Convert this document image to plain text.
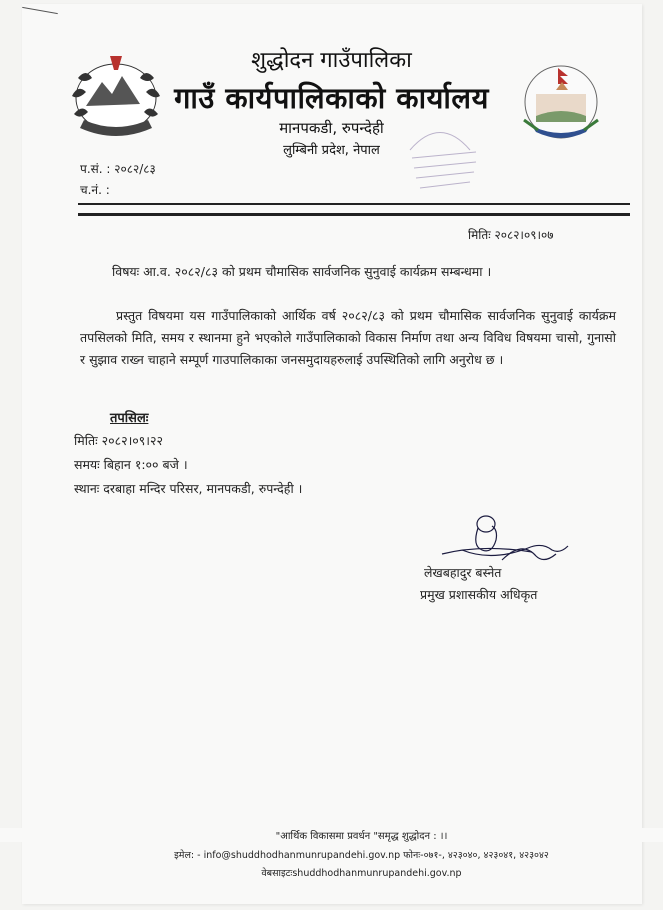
शुद्धोदन गाउँपालिका
गाउँ कार्यपालिकाको कार्यालय
मानपकडी, रुपन्देही
लुम्बिनी प्रदेश, नेपाल
प.सं. : २०८२/८३
च.नं. :
मितिः २०८२।०९।०७
विषयः आ.व. २०८२/८३ को प्रथम चौमासिक सार्वजनिक सुनुवाई कार्यक्रम सम्बन्धमा ।
प्रस्तुत विषयमा यस गाउँपालिकाको आर्थिक वर्ष २०८२/८३ को प्रथम चौमासिक सार्वजनिक सुनुवाई कार्यक्रम तपसिलको मिति, समय र स्थानमा हुने भएकोले गाउँपालिकाको विकास निर्माण तथा अन्य विविध विषयमा चासो, गुनासो र सुझाव राख्न चाहाने सम्पूर्ण गाउपालिकाका जनसमुदायहरुलाई उपस्थितिको लागि अनुरोध छ ।
तपसिलः
मितिः २०८२।०९।२२
समयः बिहान १:०० बजे ।
स्थानः दरबाहा मन्दिर परिसर, मानपकडी, रुपन्देही ।
लेखबहादुर बस्नेत
प्रमुख प्रशासकीय अधिकृत
"आर्थिक विकासमा प्रवर्धन "समृद्ध शुद्धोदन : ।।
इमेल: - info@shuddhodhanmunrupandehi.gov.np फोनः-०७१-, ४२३०४०, ४२३०४१, ४२३०४२
वेबसाइटःshuddhodhanmunrupandehi.gov.np
